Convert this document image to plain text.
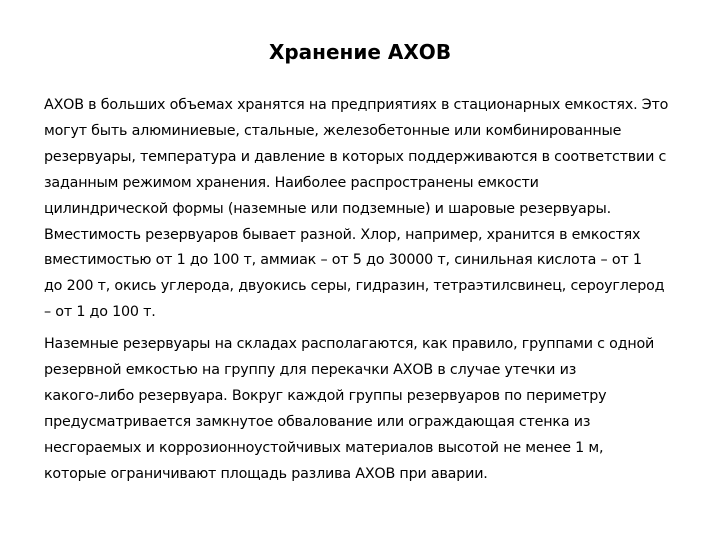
Хранение АХОВ

АХОВ в больших объемах хранятся на предприятиях в стационарных емкостях. Это
могут быть алюминиевые, стальные, железобетонные или комбинированные
резервуары, температура и давление в которых поддерживаются в соответствии с
заданным режимом хранения. Наиболее распространены емкости
цилиндрической формы (наземные или подземные) и шаровые резервуары.
Вместимость резервуаров бывает разной. Хлор, например, хранится в емкостях
вместимостью от 1 до 100 т, аммиак – от 5 до 30000 т, синильная кислота – от 1
до 200 т, окись углерода, двуокись серы, гидразин, тетраэтилсвинец, сероуглерод
– от 1 до 100 т.

Наземные резервуары на складах располагаются, как правило, группами с одной
резервной емкостью на группу для перекачки АХОВ в случае утечки из
какого-либо резервуара. Вокруг каждой группы резервуаров по периметру
предусматривается замкнутое обвалование или ограждающая стенка из
несгораемых и коррозионноустойчивых материалов высотой не менее 1 м,
которые ограничивают площадь разлива АХОВ при аварии.
